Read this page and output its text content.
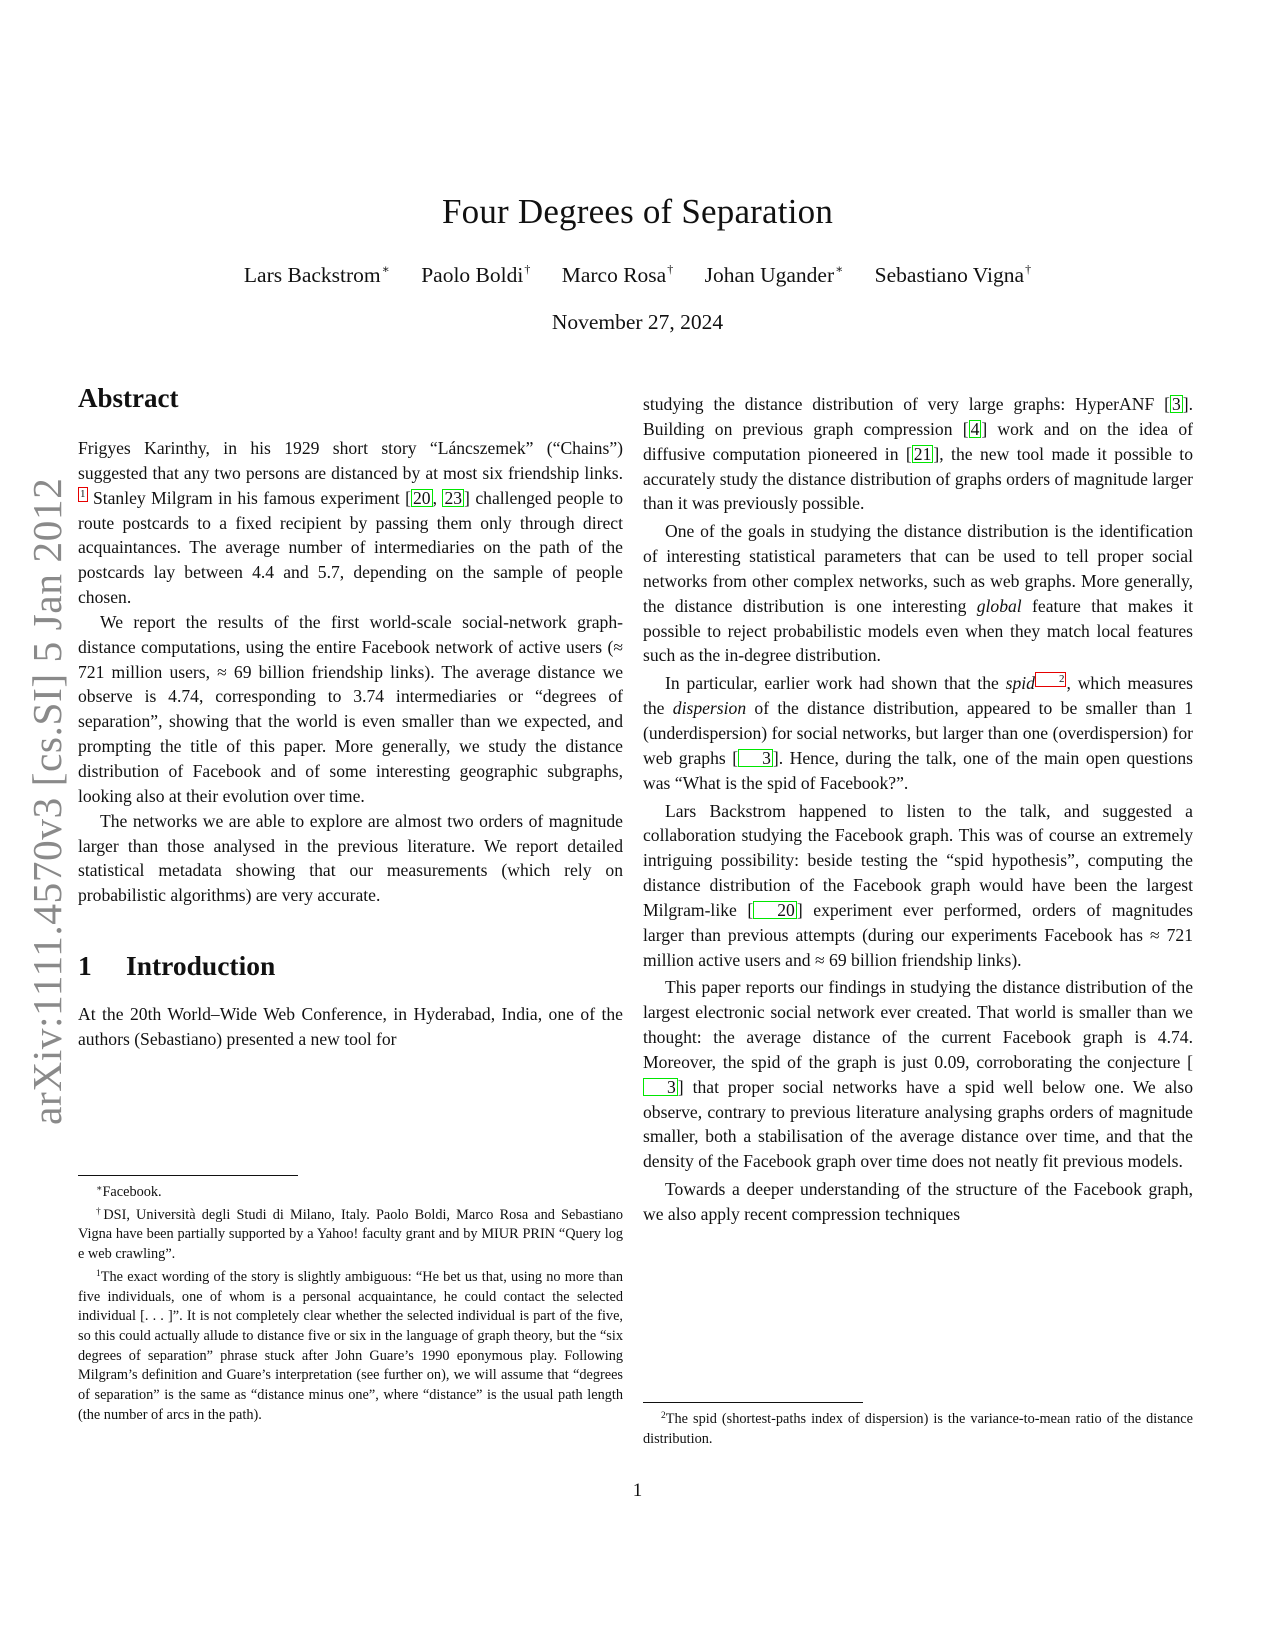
Four Degrees of Separation
Lars Backstrom∗ Paolo Boldi† Marco Rosa† Johan Ugander∗ Sebastiano Vigna†
November 27, 2024
arXiv:1111.4570v3 [cs.SI] 5 Jan 2012
Abstract

Frigyes Karinthy, in his 1929 short story “Láncszemek” (“Chains”) suggested that any two persons are distanced by at most six friendship links.1 Stanley Milgram in his famous experiment [ 20 , 23 ] challenged people to route postcards to a fixed recipient by passing them only through direct acquaintances. The average number of intermediaries on the path of the postcards lay between 4.4 and 5.7, depending on the sample of people chosen.

We report the results of the first world-scale social-network graph-distance computations, using the entire Facebook network of active users (≈ 721 million users, ≈ 69 billion friendship links). The average distance we observe is 4.74, corresponding to 3.74 intermediaries or “degrees of separation”, showing that the world is even smaller than we expected, and prompting the title of this paper. More generally, we study the distance distribution of Facebook and of some interesting geographic subgraphs, looking also at their evolution over time.

The networks we are able to explore are almost two orders of magnitude larger than those analysed in the previous literature. We report detailed statistical metadata showing that our measurements (which rely on probabilistic algorithms) are very accurate.

1 Introduction

At the 20th World–Wide Web Conference, in Hyderabad, India, one of the authors (Sebastiano) presented a new tool for

∗Facebook.

†DSI, Università degli Studi di Milano, Italy. Paolo Boldi, Marco Rosa and Sebastiano Vigna have been partially supported by a Yahoo! faculty grant and by MIUR PRIN “Query log e web crawling”.

$^1$The exact wording of the story is slightly ambiguous: “He bet us that, using no more than five individuals, one of whom is a personal acquaintance, he could contact the selected individual [. . . ]”. It is not completely clear whether the selected individual is part of the five, so this could actually allude to distance five or six in the language of graph theory, but the “six degrees of separation” phrase stuck after John Guare’s 1990 eponymous play. Following Milgram’s definition and Guare’s interpretation (see further on), we will assume that “degrees of separation” is the same as “distance minus one”, where “distance” is the usual path length (the number of arcs in the path).

studying the distance distribution of very large graphs: HyperANF [ 3 ]. Building on previous graph compression [ 4 ] work and on the idea of diffusive computation pioneered in [ 21 ], the new tool made it possible to accurately study the distance distribution of graphs orders of magnitude larger than it was previously possible.

One of the goals in studying the distance distribution is the identification of interesting statistical parameters that can be used to tell proper social networks from other complex networks, such as web graphs. More generally, the distance distribution is one interesting global feature that makes it possible to reject probabilistic models even when they match local features such as the in-degree distribution.

In particular, earlier work had shown that the spid 2 , which measures the dispersion of the distance distribution, appeared to be smaller than 1 (underdispersion) for social networks, but larger than one (overdispersion) for web graphs [ 3 ]. Hence, during the talk, one of the main open questions was “What is the spid of Facebook?”.

Lars Backstrom happened to listen to the talk, and suggested a collaboration studying the Facebook graph. This was of course an extremely intriguing possibility: beside testing the “spid hypothesis”, computing the distance distribution of the Facebook graph would have been the largest Milgram-like [ 20 ] experiment ever performed, orders of magnitudes larger than previous attempts (during our experiments Facebook has ≈ 721 million active users and ≈ 69 billion friendship links).

This paper reports our findings in studying the distance distribution of the largest electronic social network ever created. That world is smaller than we thought: the average distance of the current Facebook graph is 4.74. Moreover, the spid of the graph is just 0.09, corroborating the conjecture [3 ] that proper social networks have a spid well below one. We also observe, contrary to previous literature analysing graphs orders of magnitude smaller, both a stabilisation of the average distance over time, and that the density of the Facebook graph over time does not neatly fit previous models.

Towards a deeper understanding of the structure of the Facebook graph, we also apply recent compression techniques

$^2$The spid (shortest-paths index of dispersion) is the variance-to-mean ratio of the distance distribution.

1
